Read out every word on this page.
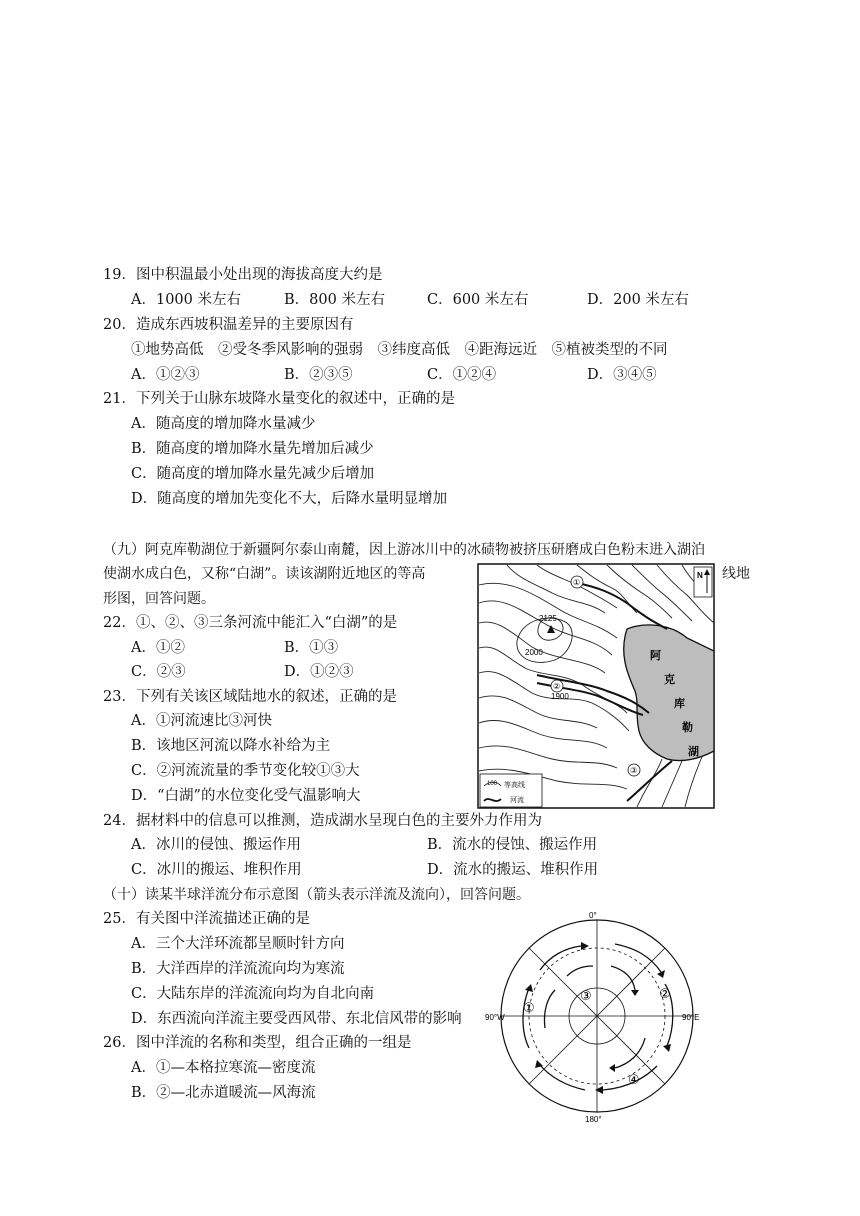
19．图中积温最小处出现的海拔高度大约是
A．1000 米左右	B．800 米左右	C．600 米左右	D．200 米左右
20．造成东西坡积温差异的主要原因有
①地势高低　②受冬季风影响的强弱　③纬度高低　④距海远近　⑤植被类型的不同
A．①②③	B．②③⑤	C．①②④	D．③④⑤
21．下列关于山脉东坡降水量变化的叙述中，正确的是
A．随高度的增加降水量减少
B．随高度的增加降水量先增加后减少
C．随高度的增加降水量先减少后增加
D．随高度的增加先变化不大，后降水量明显增加
（九）阿克库勒湖位于新疆阿尔泰山南麓，因上游冰川中的冰碛物被挤压研磨成白色粉末进入湖泊
使湖水成白色，又称“白湖”。读该湖附近地区的等高	线地
形图，回答问题。
22．①、②、③三条河流中能汇入“白湖”的是
A．①②	B．①③
C．②③	D．①②③
23．下列有关该区域陆地水的叙述，正确的是
A．①河流速比③河快
B．该地区河流以降水补给为主
C．②河流流量的季节变化较①③大
D．“白湖”的水位变化受气温影响大
24．据材料中的信息可以推测，造成湖水呈现白色的主要外力作用为
A．冰川的侵蚀、搬运作用	B．流水的侵蚀、搬运作用
C．冰川的搬运、堆积作用	D．流水的搬运、堆积作用
（十）读某半球洋流分布示意图（箭头表示洋流及流向），回答问题。
25．有关图中洋流描述正确的是
A．三个大洋环流都呈顺时针方向
B．大洋西岸的洋流流向均为寒流
C．大陆东岸的洋流流向均为自北向南
D．东西流向洋流主要受西风带、东北信风带的影响
26．图中洋流的名称和类型，组合正确的一组是
A．①—本格拉寒流—密度流
B．②—北赤道暖流—风海流
2125
2000
1900
①
②
③
阿
克
库
勒
湖
N
100 等高线
河流
0°
180°
90°W	90°E
①
②
③
④
